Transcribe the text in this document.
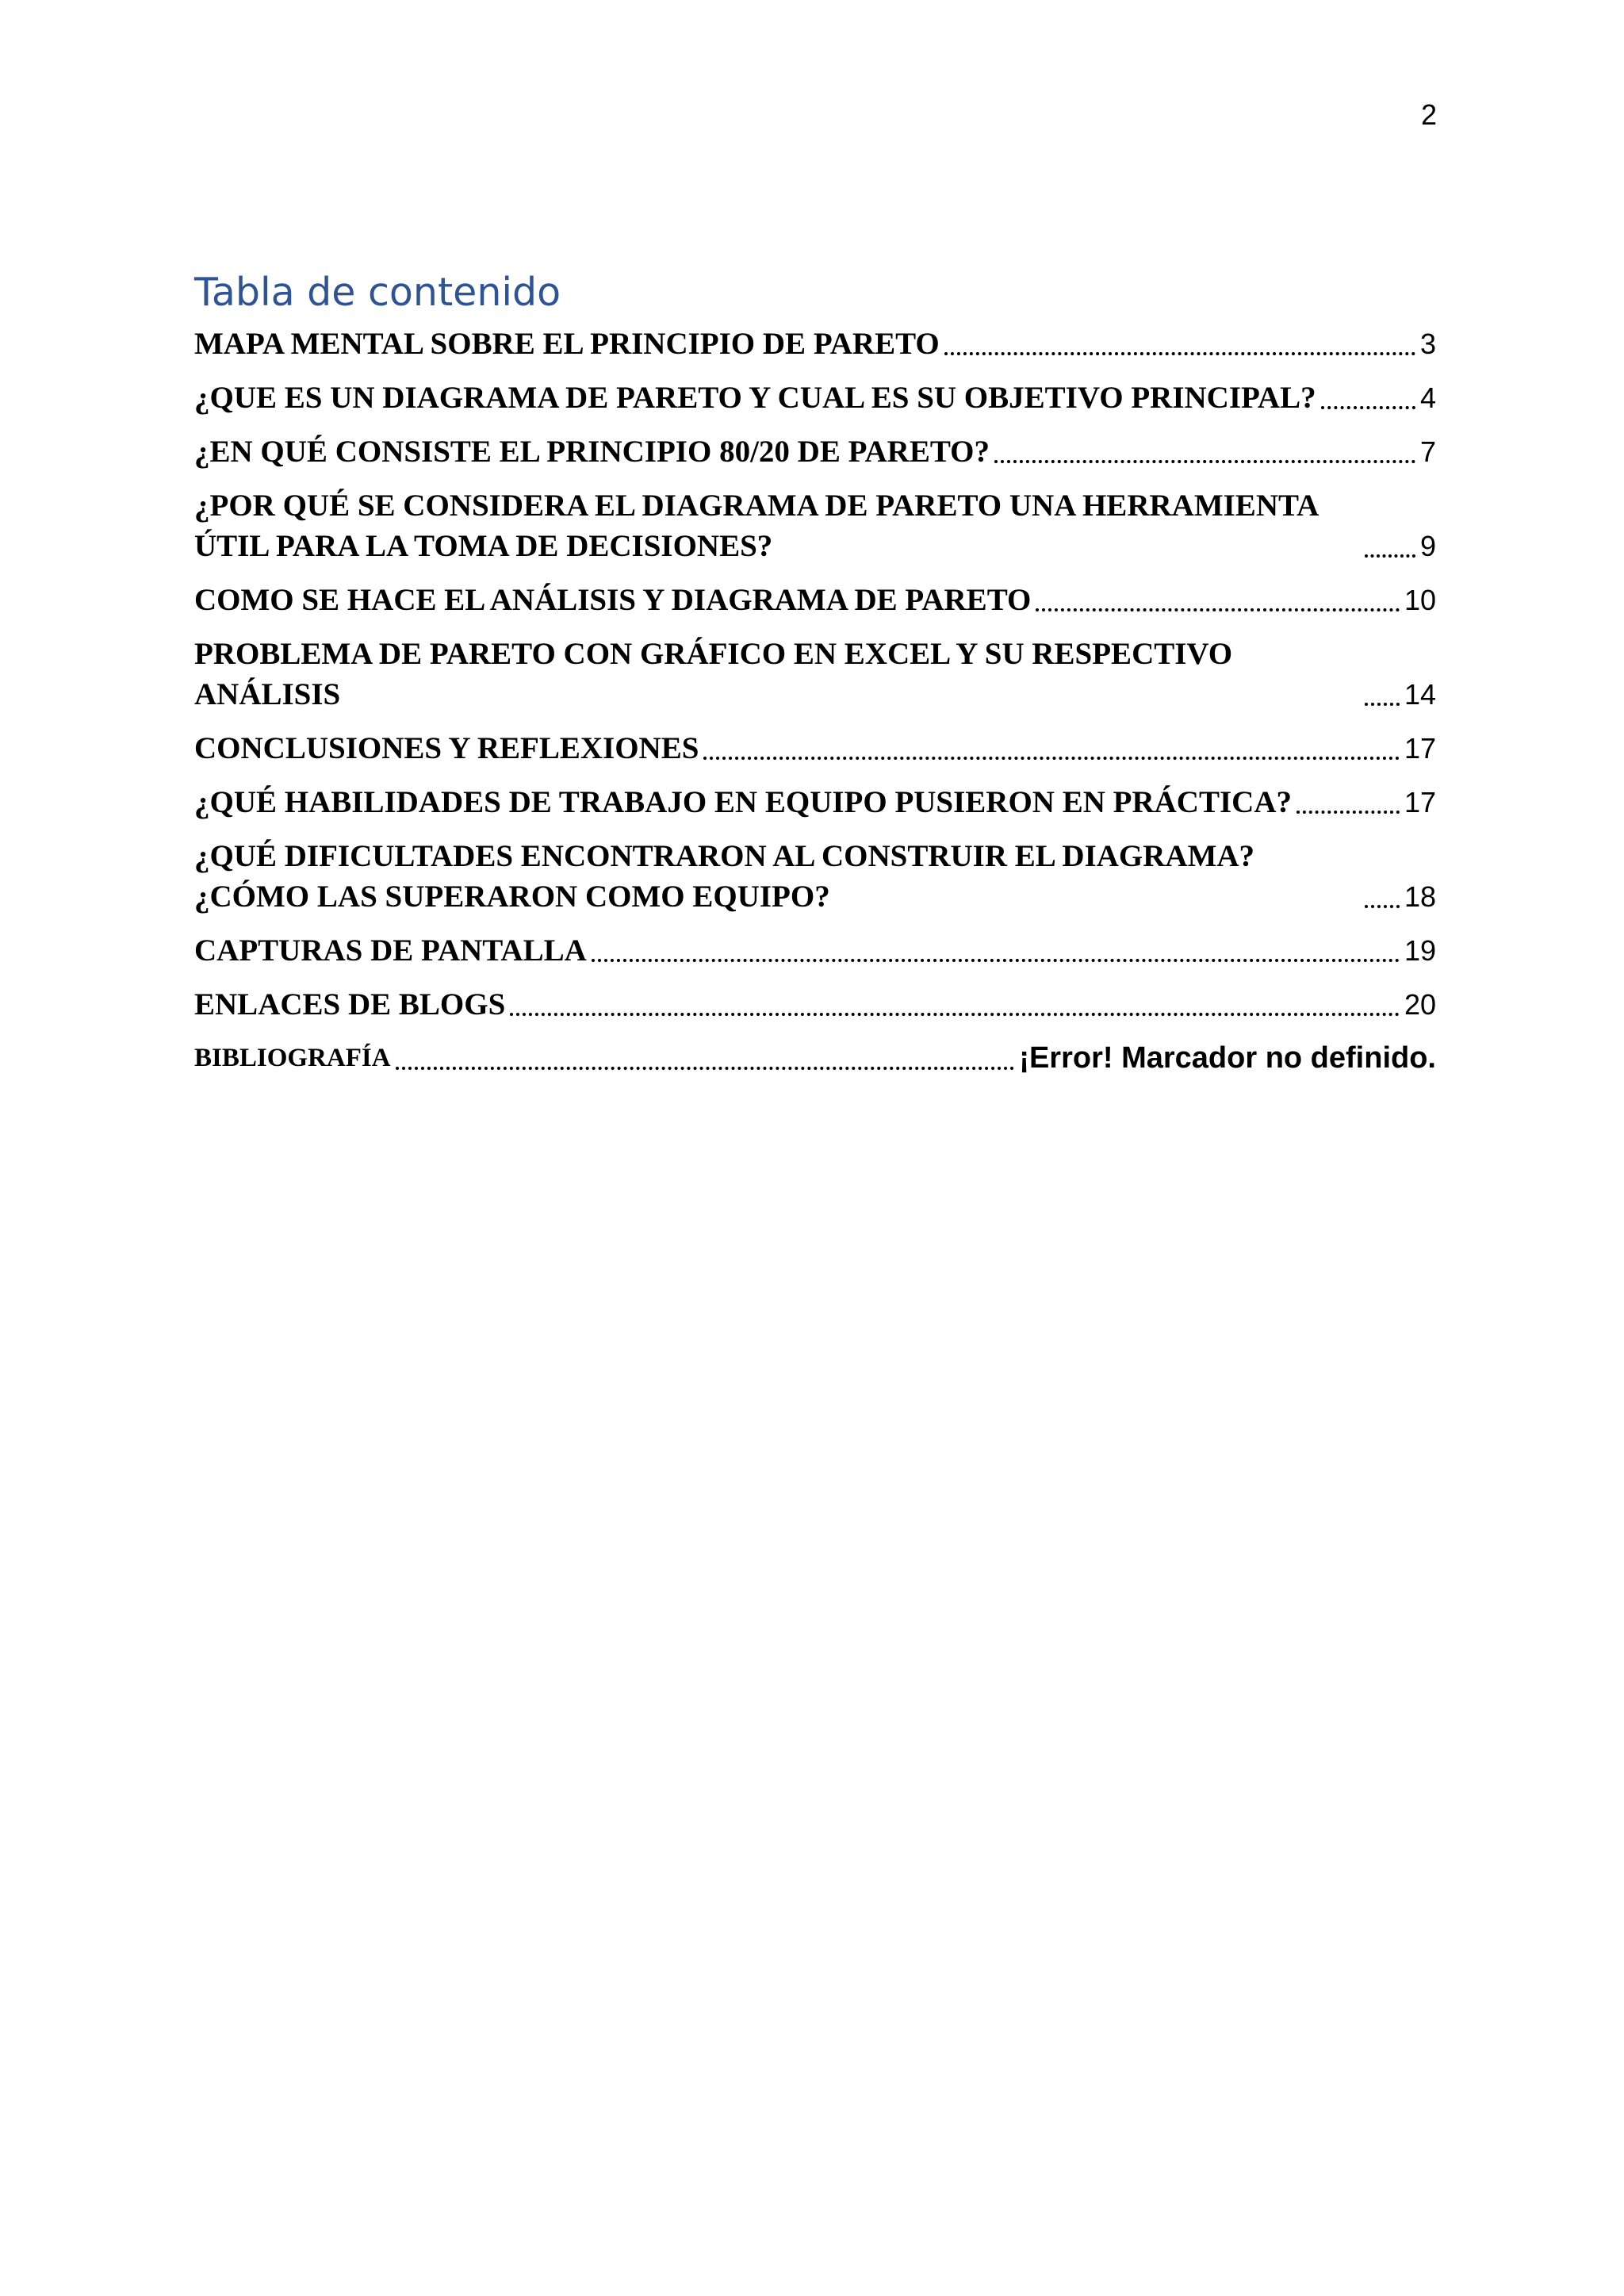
2
Tabla de contenido
MAPA MENTAL SOBRE EL PRINCIPIO DE PARETO	3
¿QUE ES UN DIAGRAMA DE PARETO Y CUAL ES SU OBJETIVO PRINCIPAL?	4
¿EN QUÉ CONSISTE EL PRINCIPIO 80/20 DE PARETO?	7
¿POR QUÉ SE CONSIDERA EL DIAGRAMA DE PARETO UNA HERRAMIENTA ÚTIL PARA LA TOMA DE DECISIONES?	9
COMO SE HACE EL ANÁLISIS Y DIAGRAMA DE PARETO	10
PROBLEMA DE PARETO CON GRÁFICO EN EXCEL Y SU RESPECTIVO ANÁLISIS	14
CONCLUSIONES Y REFLEXIONES	17
¿QUÉ HABILIDADES DE TRABAJO EN EQUIPO PUSIERON EN PRÁCTICA?	17
¿QUÉ DIFICULTADES ENCONTRARON AL CONSTRUIR EL DIAGRAMA? ¿CÓMO LAS SUPERARON COMO EQUIPO?	18
CAPTURAS DE PANTALLA	19
ENLACES DE BLOGS	20
BIBLIOGRAFÍA	¡Error! Marcador no definido.
